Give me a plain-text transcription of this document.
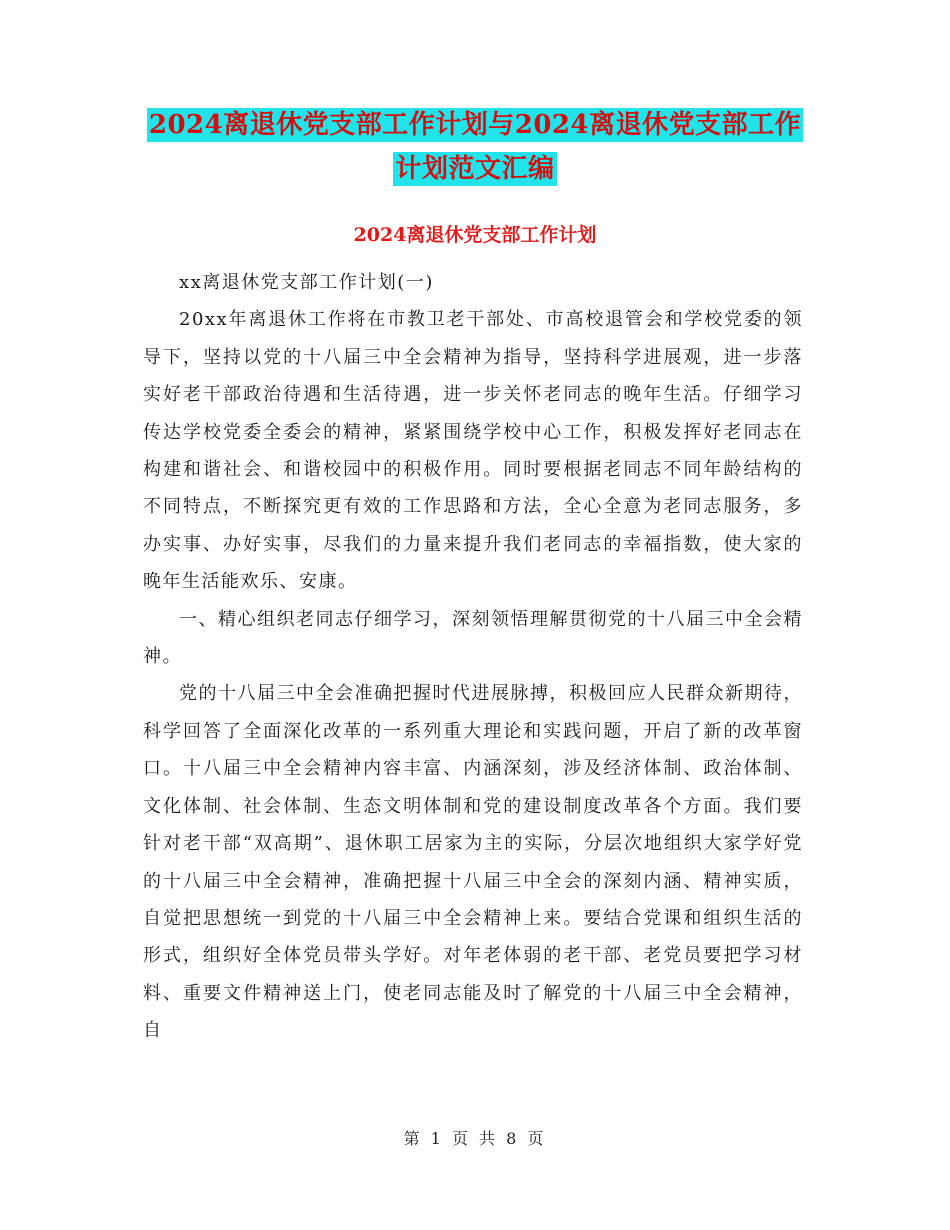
2024离退休党支部工作计划与2024离退休党支部工作
计划范文汇编
2024离退休党支部工作计划

xx离退休党支部工作计划(一)

20xx年离退休工作将在市教卫老干部处、市高校退管会和学校党委的领导下，坚持以党的十八届三中全会精神为指导，坚持科学进展观，进一步落实好老干部政治待遇和生活待遇，进一步关怀老同志的晚年生活。仔细学习传达学校党委全委会的精神，紧紧围绕学校中心工作，积极发挥好老同志在构建和谐社会、和谐校园中的积极作用。同时要根据老同志不同年龄结构的不同特点，不断探究更有效的工作思路和方法，全心全意为老同志服务，多办实事、办好实事，尽我们的力量来提升我们老同志的幸福指数，使大家的晚年生活能欢乐、安康。

一、精心组织老同志仔细学习，深刻领悟理解贯彻党的十八届三中全会精神。

党的十八届三中全会准确把握时代进展脉搏，积极回应人民群众新期待，科学回答了全面深化改革的一系列重大理论和实践问题，开启了新的改革窗口。十八届三中全会精神内容丰富、内涵深刻，涉及经济体制、政治体制、文化体制、社会体制、生态文明体制和党的建设制度改革各个方面。我们要针对老干部“双高期”、退休职工居家为主的实际，分层次地组织大家学好党的十八届三中全会精神，准确把握十八届三中全会的深刻内涵、精神实质，自觉把思想统一到党的十八届三中全会精神上来。要结合党课和组织生活的形式，组织好全体党员带头学好。对年老体弱的老干部、老党员要把学习材料、重要文件精神送上门，使老同志能及时了解党的十八届三中全会精神，自

第 1 页 共 8 页
